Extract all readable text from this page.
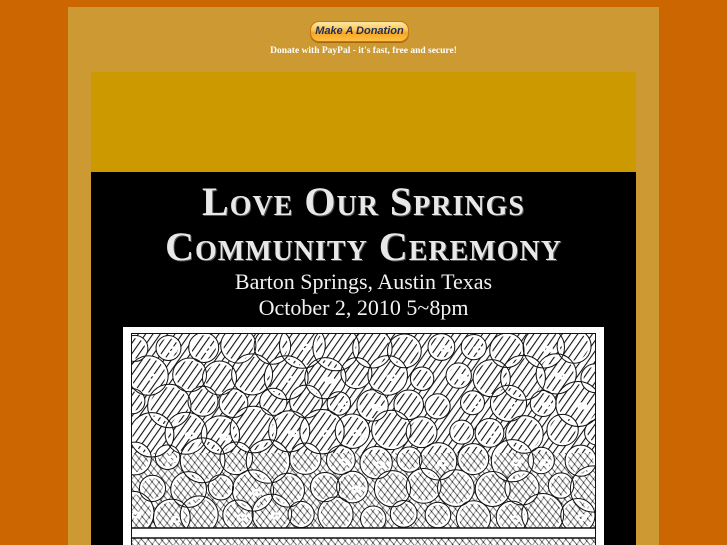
Make A Donation
Donate with PayPal - it's fast, free and secure!
Love Our Springs
Community Ceremony
Barton Springs, Austin Texas
October 2, 2010 5~8pm
